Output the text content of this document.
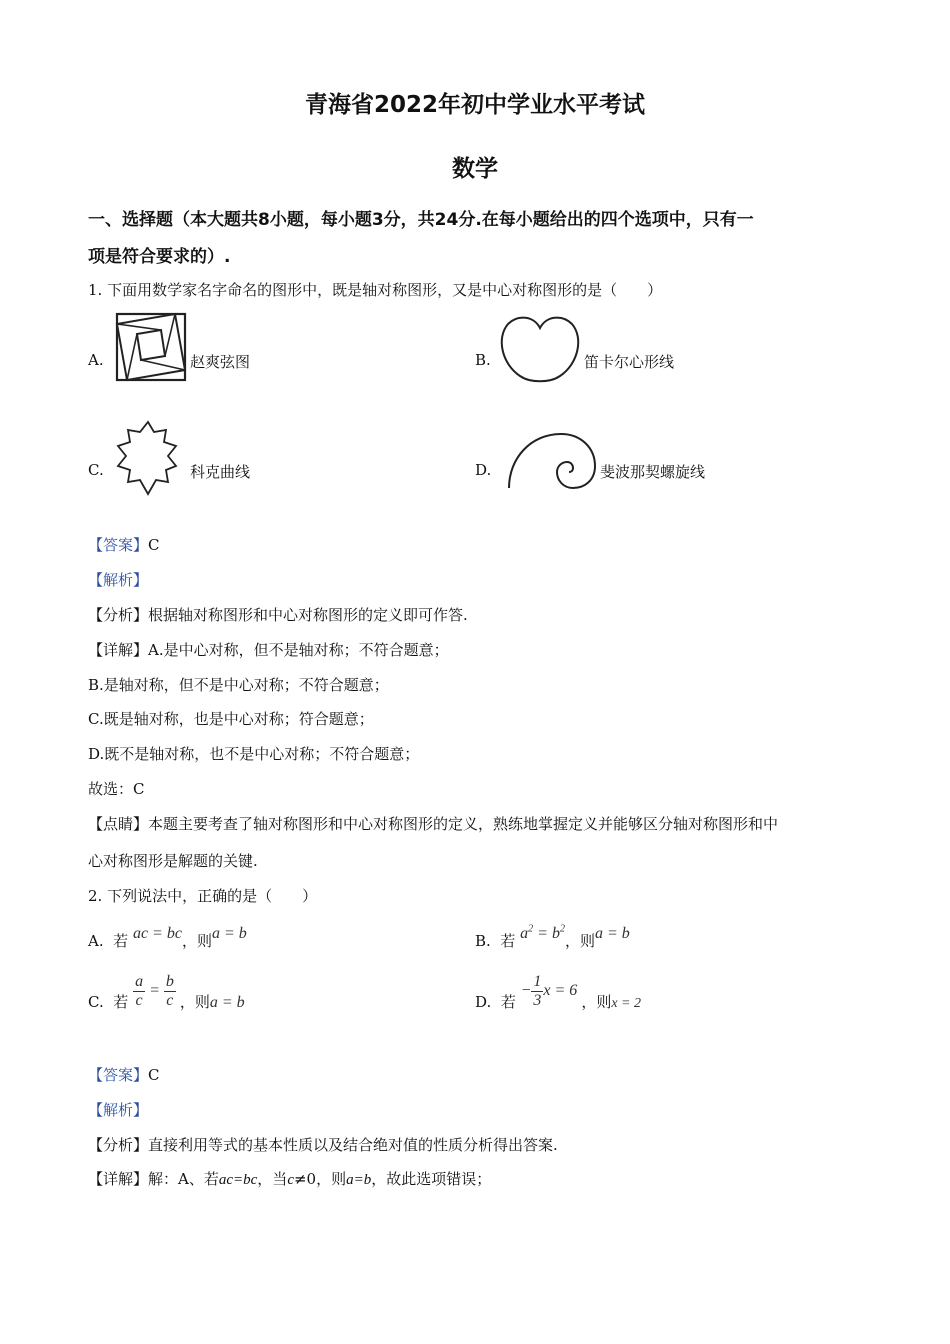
青海省2022年初中学业水平考试
数学
一、选择题（本大题共8小题，每小题3分，共24分.在每小题给出的四个选项中，只有一
项是符合要求的）.
1. 下面用数学家名字命名的图形中，既是轴对称图形，又是中心对称图形的是（　　）
A.	赵爽弦图	B.	笛卡尔心形线
C.	科克曲线	D.	斐波那契螺旋线
【答案】C
【解析】
【分析】根据轴对称图形和中心对称图形的定义即可作答.
【详解】A.是中心对称，但不是轴对称；不符合题意；
B.是轴对称，但不是中心对称；不符合题意；
C.既是轴对称，也是中心对称；符合题意；
D.既不是轴对称，也不是中心对称；不符合题意；
故选：C
【点睛】本题主要考查了轴对称图形和中心对称图形的定义，熟练地掌握定义并能够区分轴对称图形和中
心对称图形是解题的关键.
2. 下列说法中，正确的是（　　）
A. 若 ac = bc，则a = b	B. 若 $a^2 = b^2$，则a = b
C. 若 $\frac{a}{c} = \frac{b}{c}$ ，则a = b	D. 若 − $\frac{1}{3}$ x = 6 ，则x = 2
【答案】C
【解析】
【分析】直接利用等式的基本性质以及结合绝对值的性质分析得出答案.
【详解】解：A、若ac=bc，当c≠0，则a=b，故此选项错误；
